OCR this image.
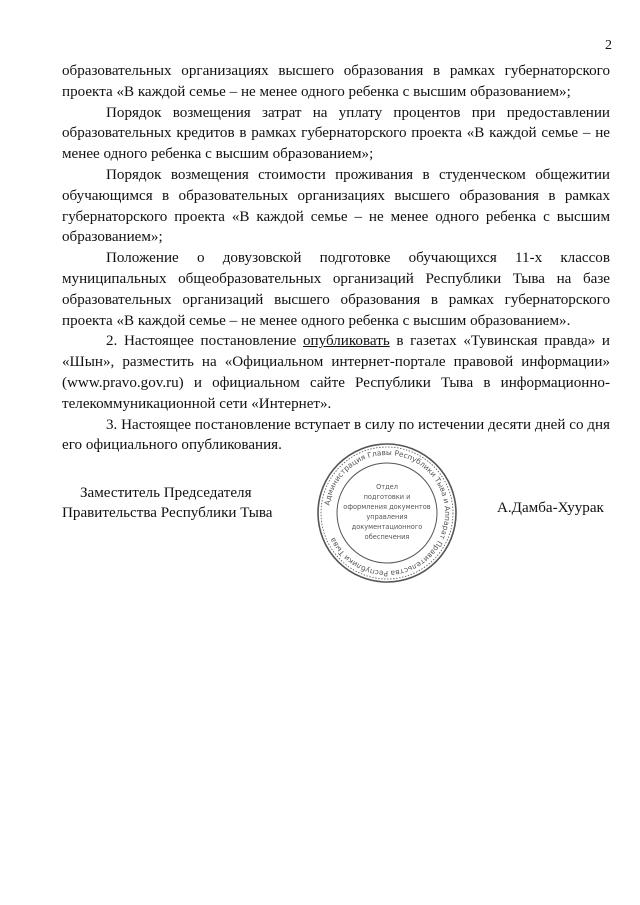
2

образовательных организациях высшего образования в рамках губернаторского проекта «В каждой семье – не менее одного ребенка с высшим образованием»;

Порядок возмещения затрат на уплату процентов при предоставлении образовательных кредитов в рамках губернаторского проекта «В каждой семье – не менее одного ребенка с высшим образованием»;

Порядок возмещения стоимости проживания в студенческом общежитии обучающимся в образовательных организациях высшего образования в рамках губернаторского проекта «В каждой семье – не менее одного ребенка с высшим образованием»;

Положение о довузовской подготовке обучающихся 11-х классов муниципальных общеобразовательных организаций Республики Тыва на базе образовательных организаций высшего образования в рамках губернаторского проекта «В каждой семье – не менее одного ребенка с высшим образованием».

2. Настоящее постановление опубликовать в газетах «Тувинская правда» и «Шын», разместить на «Официальном интернет-портале правовой информации» (www.pravo.gov.ru) и официальном сайте Республики Тыва в информационно-телекоммуникационной сети «Интернет».

3. Настоящее постановление вступает в силу по истечении десяти дней со дня его официального опубликования.

Заместитель Председателя
Правительства Республики Тыва
Администрация Главы Республики Тыва и Аппарат Правительства Республики Тыва
Отдел
подготовки и
оформления документов
управления
документационного
обеспечения
А.Дамба-Хуурак
